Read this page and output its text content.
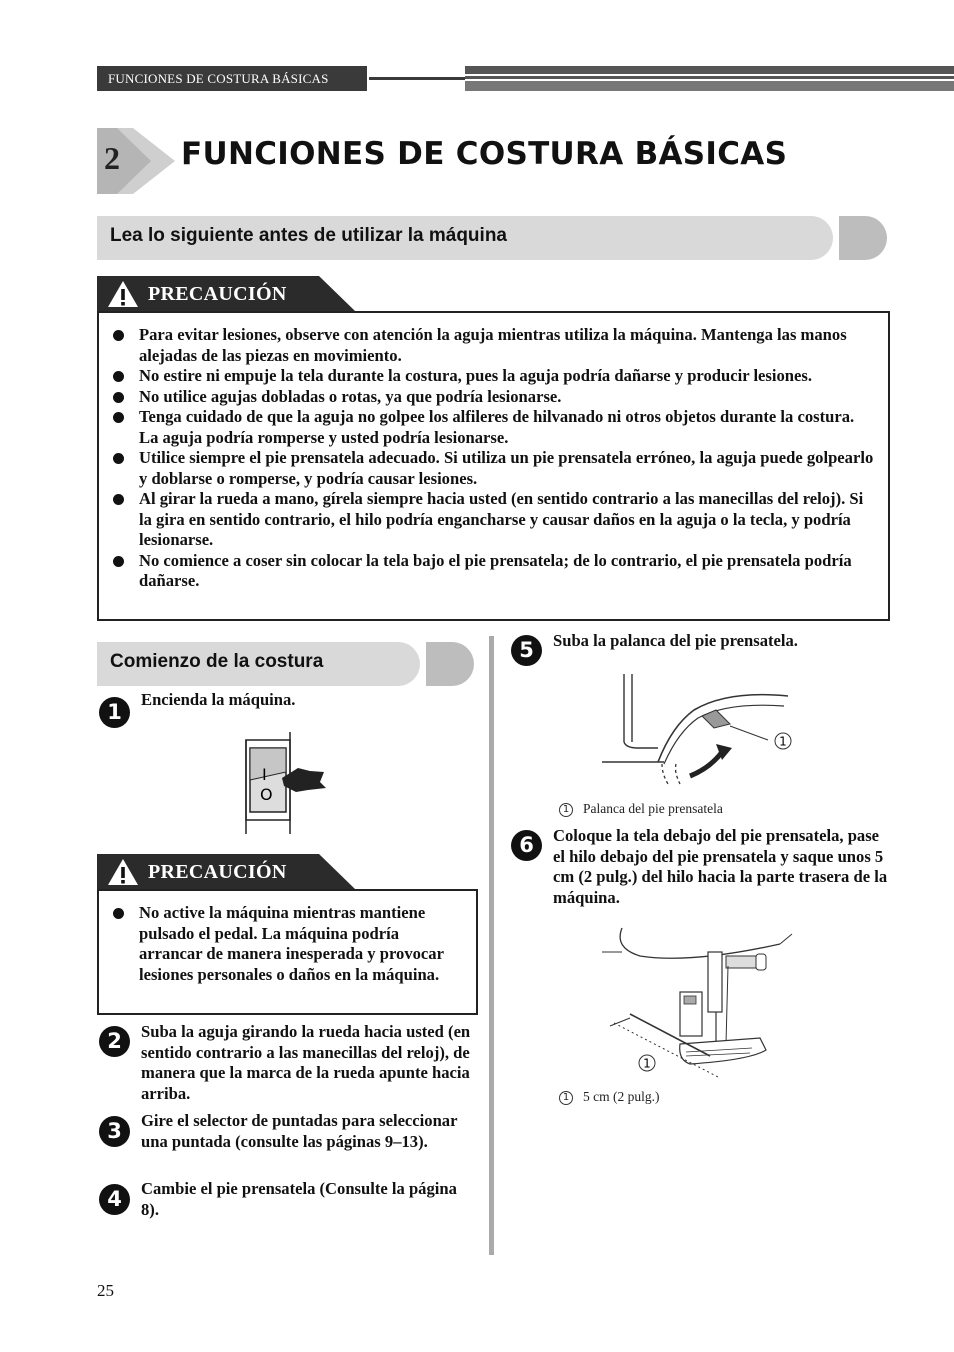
FUNCIONES DE COSTURA BÁSICAS
2 FUNCIONES DE COSTURA BÁSICAS
Lea lo siguiente antes de utilizar la máquina
PRECAUCIÓN
Para evitar lesiones, observe con atención la aguja mientras utiliza la máquina. Mantenga las manos alejadas de las piezas en movimiento.
No estire ni empuje la tela durante la costura, pues la aguja podría dañarse y producir lesiones.
No utilice agujas dobladas o rotas, ya que podría lesionarse.
Tenga cuidado de que la aguja no golpee los alfileres de hilvanado ni otros objetos durante la costura. La aguja podría romperse y usted podría lesionarse.
Utilice siempre el pie prensatela adecuado. Si utiliza un pie prensatela erróneo, la aguja puede golpearlo y doblarse o romperse, y podría causar lesiones.
Al girar la rueda a mano, gírela siempre hacia usted (en sentido contrario a las manecillas del reloj). Si la gira en sentido contrario, el hilo podría engancharse y causar daños en la aguja o la tecla, y podría lesionarse.
No comience a coser sin colocar la tela bajo el pie prensatela; de lo contrario, el pie prensatela podría dañarse.
Comienzo de la costura
1
Encienda la máquina.
I
O
PRECAUCIÓN
No active la máquina mientras mantiene pulsado el pedal. La máquina podría arrancar de manera inesperada y provocar lesiones personales o daños en la máquina.
2	Suba la aguja girando la rueda hacia usted (en sentido contrario a las manecillas del reloj), de manera que la marca de la rueda apunte hacia arriba.
3	Gire el selector de puntadas para seleccionar una puntada (consulte las páginas 9–13).
4	Cambie el pie prensatela (Consulte la página 8).
5	Suba la palanca del pie prensatela.
1
1 Palanca del pie prensatela
6	Coloque la tela debajo del pie prensatela, pase el hilo debajo del pie prensatela y saque unos 5 cm (2 pulg.) del hilo hacia la parte trasera de la máquina.
1
1 5 cm (2 pulg.)
25
